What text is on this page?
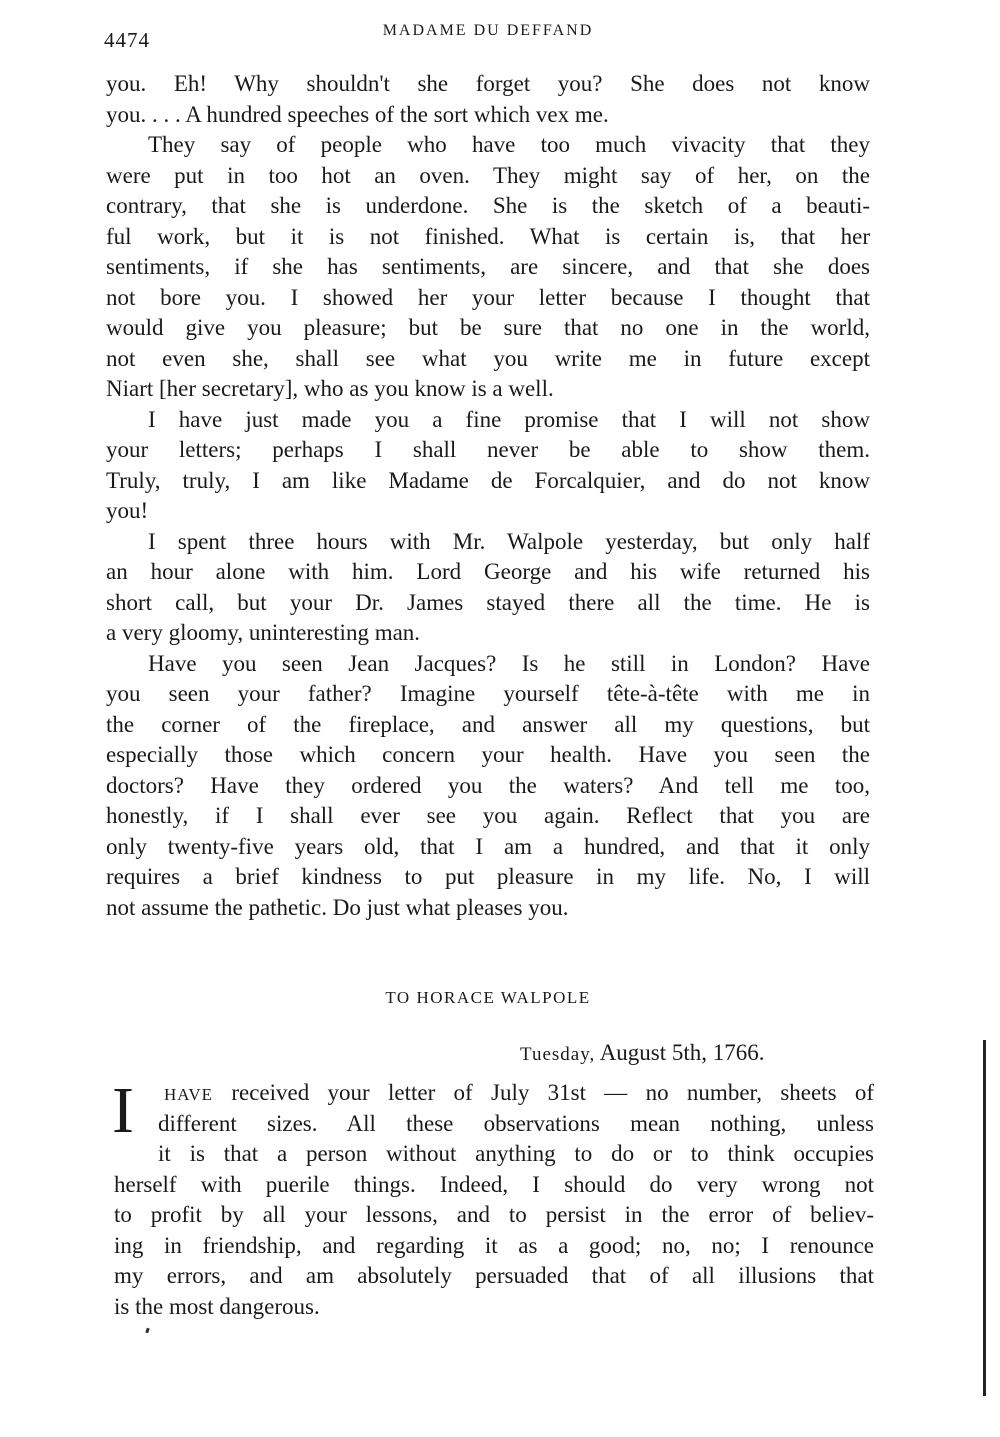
4474	MADAME DU DEFFAND
you. Eh! Why shouldn't she forget you? She does not know
you. . . . A hundred speeches of the sort which vex me.
They say of people who have too much vivacity that they
were put in too hot an oven. They might say of her, on the
contrary, that she is underdone. She is the sketch of a beauti-
ful work, but it is not finished. What is certain is, that her
sentiments, if she has sentiments, are sincere, and that she does
not bore you. I showed her your letter because I thought that
would give you pleasure; but be sure that no one in the world,
not even she, shall see what you write me in future except
Niart [her secretary], who as you know is a well.
I have just made you a fine promise that I will not show
your letters; perhaps I shall never be able to show them.
Truly, truly, I am like Madame de Forcalquier, and do not know
you!
I spent three hours with Mr. Walpole yesterday, but only half
an hour alone with him. Lord George and his wife returned his
short call, but your Dr. James stayed there all the time. He is
a very gloomy, uninteresting man.
Have you seen Jean Jacques? Is he still in London? Have
you seen your father? Imagine yourself tête-à-tête with me in
the corner of the fireplace, and answer all my questions, but
especially those which concern your health. Have you seen the
doctors? Have they ordered you the waters? And tell me too,
honestly, if I shall ever see you again. Reflect that you are
only twenty-five years old, that I am a hundred, and that it only
requires a brief kindness to put pleasure in my life. No, I will
not assume the pathetic. Do just what pleases you.
TO HORACE WALPOLE
Tuesday, August 5th, 1766.
I HAVE received your letter of July 31st — no number, sheets of
different sizes. All these observations mean nothing, unless
it is that a person without anything to do or to think occupies
herself with puerile things. Indeed, I should do very wrong not
to profit by all your lessons, and to persist in the error of believ-
ing in friendship, and regarding it as a good; no, no; I renounce
my errors, and am absolutely persuaded that of all illusions that
is the most dangerous.
